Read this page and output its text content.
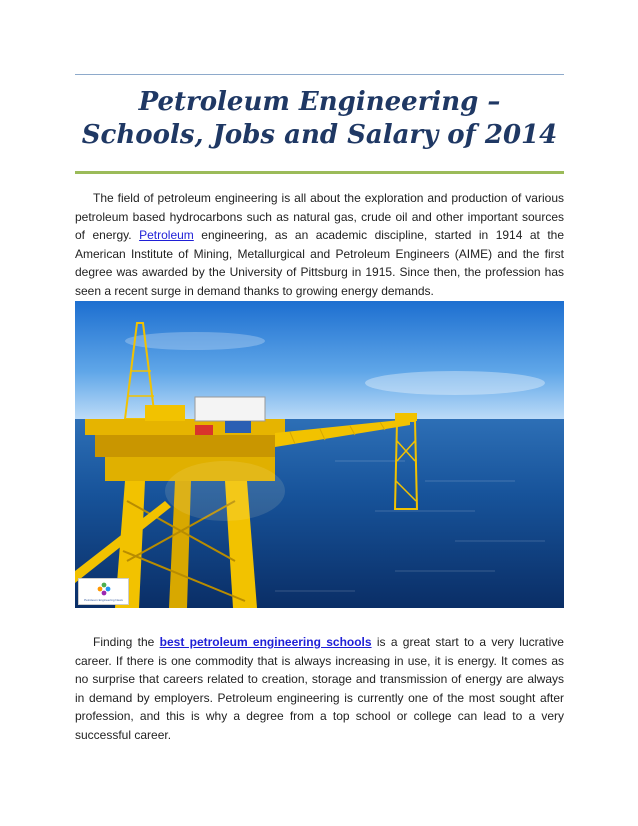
Petroleum Engineering – Schools, Jobs and Salary of 2014

The field of petroleum engineering is all about the exploration and production of various petroleum based hydrocarbons such as natural gas, crude oil and other important sources of energy. Petroleum engineering, as an academic discipline, started in 1914 at the American Institute of Mining, Metallurgical and Petroleum Engineers (AIME) and the first degree was awarded by the University of Pittsburg in 1915. Since then, the profession has seen a recent surge in demand thanks to growing energy demands.

Petroleum Engineering News

Finding the best petroleum engineering schools is a great start to a very lucrative career. If there is one commodity that is always increasing in use, it is energy. It comes as no surprise that careers related to creation, storage and transmission of energy are always in demand by employers. Petroleum engineering is currently one of the most sought after profession, and this is why a degree from a top school or college can lead to a very successful career.
